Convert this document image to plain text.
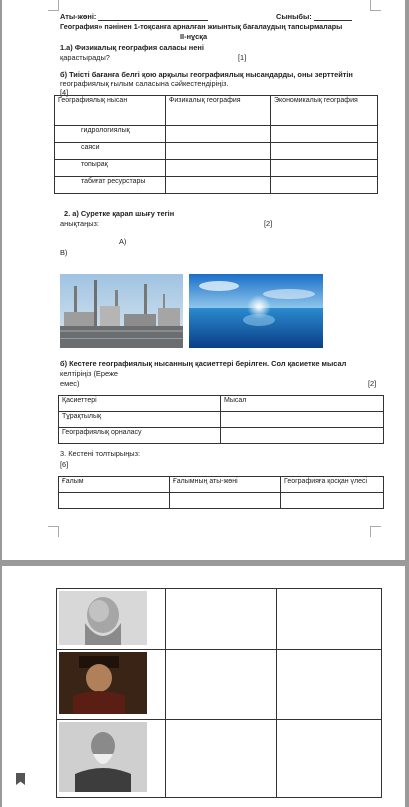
Аты-жөні:	Сыныбы:
География» пәнінен 1-тоқсанға арналған жиынтық бағалаудың тапсырмалары
ІІ-нұсқа
1.а) Физикалық география саласы нені
қарастырады?	[1]
б) Тиісті бағанға белгі қою арқылы географиялық нысандарды, оны зерттейтін
географиялық ғылым саласына сәйкестендіріңіз.
[4]
Географиялық нысан	Физикалық география	Экономикалық география
гидрологиялық		
саяси		
топырақ		
табиғат ресурстары		
2. а) Суретке қарап шығу тегін
анықтаңыз:	[2]
А)
В)
б) Кестеге географиялық нысанның қасиеттері берілген. Сол қасиетке мысал
келтіріңіз (Ереже
емес)	[2]
Қасиеттері	Мысал
Тұрақтылық	
Географиялық орналасу	
3. Кестені толтырыңыз:
[6]
Ғалым	Ғалымның аты-жөні	Географияға қосқан үлесі
